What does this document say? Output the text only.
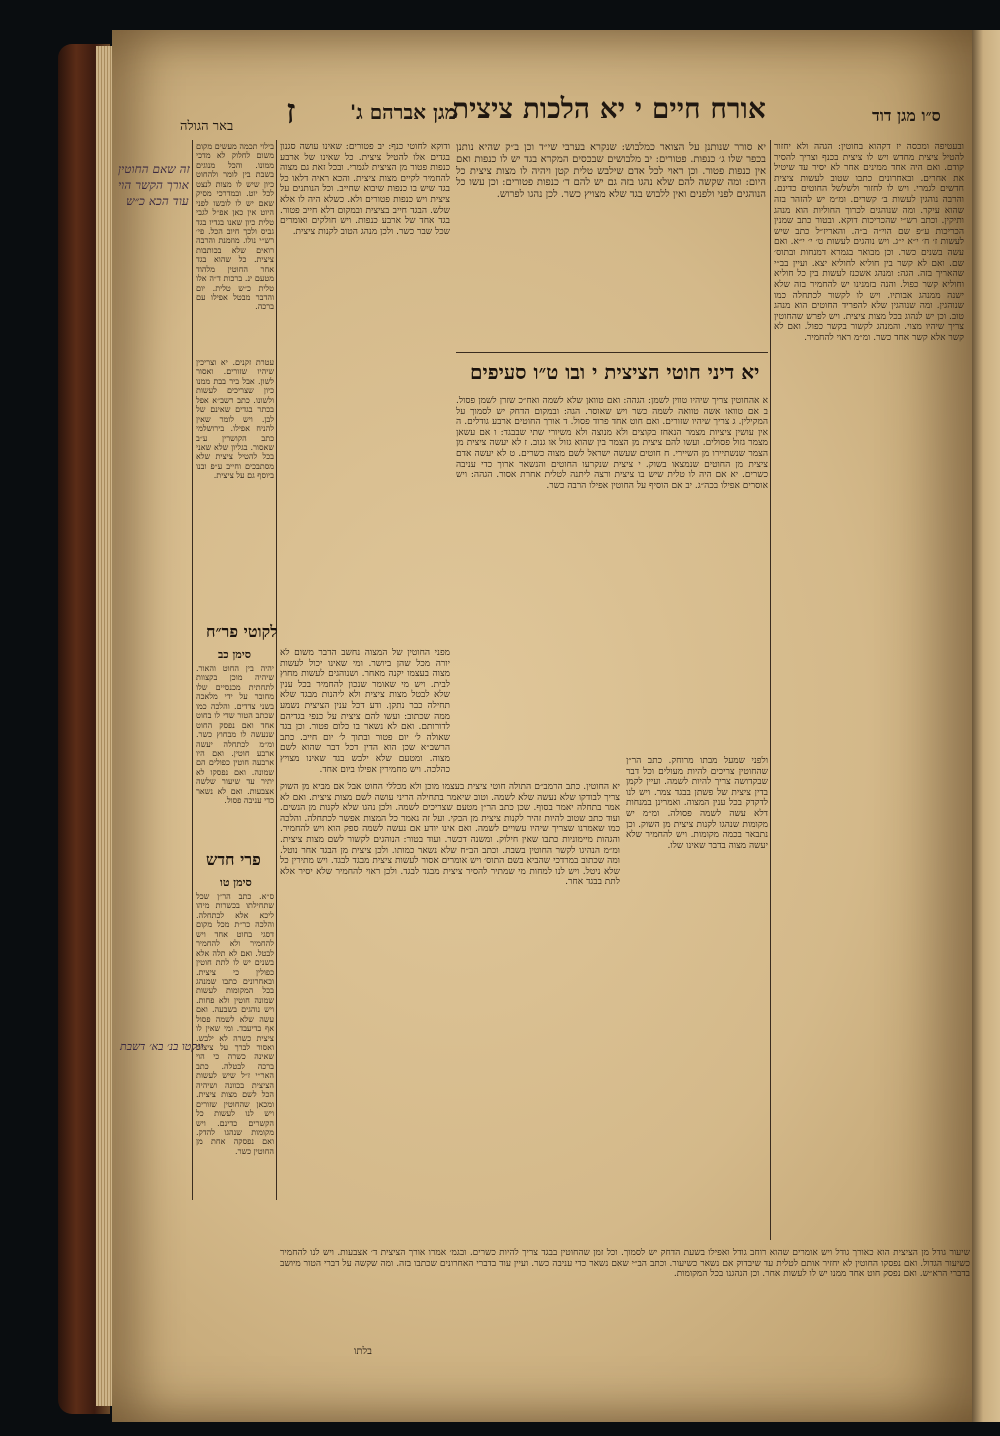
ז	מגן אברהם ג'
אורח חיים י יא הלכות ציצית	ס״ו מגן דוד
באר הגולה
בילוי תכמה מעשים מקום משום לחלוק לא מדכי ממונו. והכל מנוגים בשבת בין לומר ולהחוט כיון שיש לו מצות לנצט לכל יוט. ובמדרכי מסיק שאם יש לו לובשו לפני היוט אין כאן אפ״ל לגבי טלית כיון שאנו בגדיו בגד גביס ולכך חיוב הכל. פי׳ רש״י נולו. מוזמנת והרבה רואים שלא בכותבות ציצית. כל שהוא בגד אחר החוטין מלהוד מטעם ינ. ברכות ד״ה אלו טלית כ״ש טלית. יום והדבר מבטל אפילו עם ברכה.
עטרת זקנים. יא וצריכין שיהיו שזורים. ואסור לשון. אבל ביר בבת ממנו כיון שצריכים לעשות ולשונו. כתב רשב״א אפל בכתר בגדים שאינם של לבן. ויש לומר שאין להניח אפילו. בירושלמי כתב הקושרין ע״ב שאסור. בגליון שלא שאני בכל להטיל ציצית שלא מסתבכים וחייב ע״פ ובנו ביוסף גם על ציצית.
לקוטי פר״ח
סימן כב
יהיה בין החוט והאור. שיהיה מוכן בקצוות לתחתית מכנסיים שלו מחובר על ידי מלאכה בשני צדדים. והלכה כמו שכתב הטור שדי לו בחוט אחד ואם נפסק החוט שנעשה לו מבחוץ כשר. ומ״מ לכתחלה יעשה ארבע חוטין. ואם היו ארבעה חוטין כפולים הם שמונה. ואם נפסקו לא יתיר עד שיעור שלשה אצבעות. ואם לא נשאר כדי עניבה פסול.
פרי חדש
סימן טו
ס״א. כתב הר״ן שכל שתחילתו בכשרות מיהו ליכא אלא לכתחלה. והלכה כר״ת מכל מקום דסגי בחוט אחד ויש להחמיר ולא להחמיר לבטל. ואם לא תלה אלא בשנים יש לו לתת חוטין כפולין כי ציצית. ובאחרונים כתבו שמנהג בכל המקומות לעשות שמונה חוטין ולא פחות. ויש נוהגים בשבעה. ואם עשה שלא לשמה פסול אף בדיעבד. ומי שאין לו ציצית כשרה לא ילבש. ואסור לברך על ציצית שאינה כשרה כי הוי ברכה לבטלה. כתב האר״י ז״ל שיש לעשות הציצית בכוונה ושיהיה הכל לשם מצות ציצית. ומכאן שהחוטין שזורים ויש לנו לעשות כל הקשרים כדינם. ויש מקומות שנהגו להדק. ואם נפסקה אחת מן החוטין כשר.
זה שאם החוטין
אורך הקשר הוי
עוד הכא כ״ש
ונקטו בנ׳ בא׳ דשבת
ודוקא לחוטי כנף: יב פטורים: שאינו עושה סגנון בגדים אלו להטיל ציצית. כל שאינו של ארבע כנפות פטור מן הציצית לגמרי. ובכל זאת גם מצוה להחמיר לקיים מצות ציצית. והכא ראיה דלאו כל בגד שיש בו כנפות שיבוא שחייב. וכל הנותנים על ציצית ויש כנפות פטורים ולא. כשלא היה לו אלא שלש. הבגד חייב בציצית ובמקום דלא חייב פטור. בגד אחד של ארבע כנפות. ויש חולקים ואומרים שכל שבר כשר. ולכן מנהג הטוב לקנות ציצית.
מפני החוטין של המצוה נחשב הדבר משום לא יורה מכל שהן ביושר. ומי שאינו יכול לעשות מצוה בעצמו יקנה מאחר. ושנוהגים לעשות מחוץ לבית. ויש מי שאומר שנכון להחמיר בכל ענין שלא לבטל מצות ציצית ולא ליהנות מבגד שלא תחילה כבר נתקן. ודע דכל ענין הציצית נשמע ממה שכתוב: ועשו להם ציצית על כנפי בגדיהם לדורותם. ואם לא נשאר בו כלום פטור. וכן בגד שאולה ל׳ יום פטור ובתוך ל׳ יום חייב. כתב הרשב״א שכן הוא הדין דכל דבר שהוא לשם מצוה. ומטעם שלא ילבש בגד שאינו מצויץ כהלכה. ויש מחמירין אפילו ביום אחד.
יא סורר שנותנן על הצואר כמלבוש: שנקרא בערבי שי״ד וכן ב״ק שהיא נותנן בכפר שלו ג׳ כנפות. פטורים: יב מלבושים שבכסים המקרא בגד יש לו כנפות ואם אין כנפות פטור. וכן ראוי לכל אדם שילבש טלית קטן ויהיה לו מצות ציצית כל היום: ומה שקשה להם שלא נהגו בזה גם יש להם ד׳ כנפות פטורים: וכן עשו כל הנוהגים לפני ולפנים ואין ללבוש בגד שלא מצויץ כשר. לכן נהגו לפרוש.
יא דיני חוטי הציצית י ובו ט״ו סעיפים
א אהחוטין צריך שיהיו טווין לשמן: הגהה: ואם טוואן שלא לשמה ואח״כ שזרן לשמן פסול. ב אם טוואו אשה טוואה לשמה כשר ויש שאוסר. הגה: ובמקום הדחק יש לסמוך על המקילין. ג צריך שיהיו שזורים. ואם חוט אחד פרוד פסול. ד אורך החוטים ארבע גודלים. ה אין עושין ציציות מצמר הנאחז בקוצים ולא מנוצה ולא משיורי שתי שבבגד: ו אם עשאן מצמר גזול פסולים. ועשו להם ציצית מן הצמר בין שהוא גזול או גנוב. ז לא יעשה ציצית מן הצמר שנשתיירו מן השיירי. ח חוטים שעשה ישראל לשם מצוה כשרים. ט לא יעשה אדם ציצית מן החוטים שנמצאו בשוק. י ציצית שנקרעו החוטים והנשאר ארוך כדי עניבה כשרים. יא אם היה לו טלית שיש בו ציצית ורצה ליתנה לטלית אחרת אסור. הגהה: ויש אוסרים אפילו בכה״ג. יב אם הוסיף על החוטין אפילו הרבה כשר.
יא החוטין. כתב הרמב״ם התולה חוטי ציצית בעצמו מוכן ולא מכללי החוט אבל אם מביא מן השוק צריך לבודקו שלא נעשה שלא לשמה. וטוב שיאמר בתחילה הריני עושה לשם מצות ציצית. ואם לא אמר בתחלה יאמר בסוף. שכן כתב הר״ן מטעם שצריכים לשמה. ולכן נהגו שלא לקנות מן הנשים. ועוד כתב שטוב להיות זהיר לקנות ציצית מן הבקי. ועל זה נאמר כל המצות אפשר לכתחלה. והלכה כמו שאמרנו שצריך שיהיו עשויים לשמה. ואם אינו יודע אם נעשה לשמה ספק הוא ויש להחמיר. והגהות מיימוניות כתבו שאין חילוק. ומשנה דכשר. ועוד בטור: הנוהגים לקשור לשם מצות ציצית. ומ״מ הנהיגו לקשר החוטין בשבת. וכתב הב״ח שלא נשאר כמותו. ולכן ציצית מן הבגד אחר נוטל. ומה שכתוב במרדכי שהביא בשם התוס׳ ויש אומרים אסור לעשות ציצית מבגד לבגד. ויש מתירין כל שלא ניטל. ויש לנו למחות מי שמתיר להסיר ציצית מבגד לבגד. ולכן ראוי להחמיר שלא יסיר אלא לתת בבגד אחר.
ולפני שמעל מבתו מרוחק. כתב הר״ן שהחוטין צריכים להיות מעולים וכל דבר שבקדושה צריך להיות לשמה. ועיין לקמן בדין ציצית של פשתן בבגד צמר. ויש לנו לדקדק בכל ענין המצוה. ואמרינן במנחות דלא עשה לשמה פסולה. ומ״מ יש מקומות שנהגו לקנות ציצית מן השוק. וכן נתבאר בכמה מקומות. ויש להחמיר שלא יעשה מצוה בדבר שאינו שלו.
ובעטיפה ומכסה יז דקהוא בחוטין: הגהה ולא יחזור להטיל ציצית מחדש ויש לו ציצית בכנף וצריך להסיר קודם. ואם היה אחד ממינים אחר לא יסיר עד שיטיל את אחרים. ובאחרונים כתבו שטוב לעשות ציצית חדשים לגמרי. ויש לו לחזור ולשלשל החוטים כדינם. והרבה נוהגין לעשות ב׳ קשרים. ומ״מ יש להזהר בזה שהוא עיקר. ומה שנוהגים לכרוך החוליות הוא מנהג ותיקין. וכתב רש״י שהכריכות דוקא. ובטור כתב שמנין הכריכות ע״פ שם הוי״ה ב״ה. והאריז״ל כתב שיש לעשות ז׳ ח׳ י״א י״ג. ויש נוהגים לעשות ט׳ י׳ י״א. ואם עשה בשנים כשר. וכן מבואר בגמרא דמנחות ובתוס׳ שם. ואם לא קשר בין חוליא לחוליא יצא. ועיין בב״י שהאריך בזה. הגה: ומנהג אשכנז לעשות בין כל חוליא וחוליא קשר כפול. והנה בזמנינו יש להחמיר בזה שלא ישנה ממנהג אבותיו. ויש לו לקשור לכתחלה כמו שנוהגין. ומה שנוהגין שלא להפריד החוטים הוא מנהג טוב. וכן יש לנהוג בכל מצות ציצית. ויש לפרש שהחוטין צריך שיהיו מצוי. והמנהג לקשור בקשר כפול. ואם לא קשר אלא קשר אחד כשר. ומ״מ ראוי להחמיר.
שיעור גודל מן הציצית הוא כאורך גודל ויש אומרים שהוא רוחב גודל ואפילו בשעת הדחק יש לסמוך. וכל זמן שהחוטין בבגד צריך להיות כשרים. ובגמ׳ אמרו אורך הציצית ד׳ אצבעות. ויש לנו להחמיר כשיעור הגדול. ואם נפסקו החוטין לא יחזיר אותם לטלית עד שיבדוק אם נשאר כשיעור. וכתב הב״י שאם נשאר כדי עניבה כשר. ועיין עוד בדברי האחרונים שכתבו בזה. ומה שקשה על דברי הטור מיושב בדברי הרא״ש. ואם נפסק חוט אחד ממנו יש לו לעשות אחר. וכן הנהגנו בכל המקומות.
בלתו
